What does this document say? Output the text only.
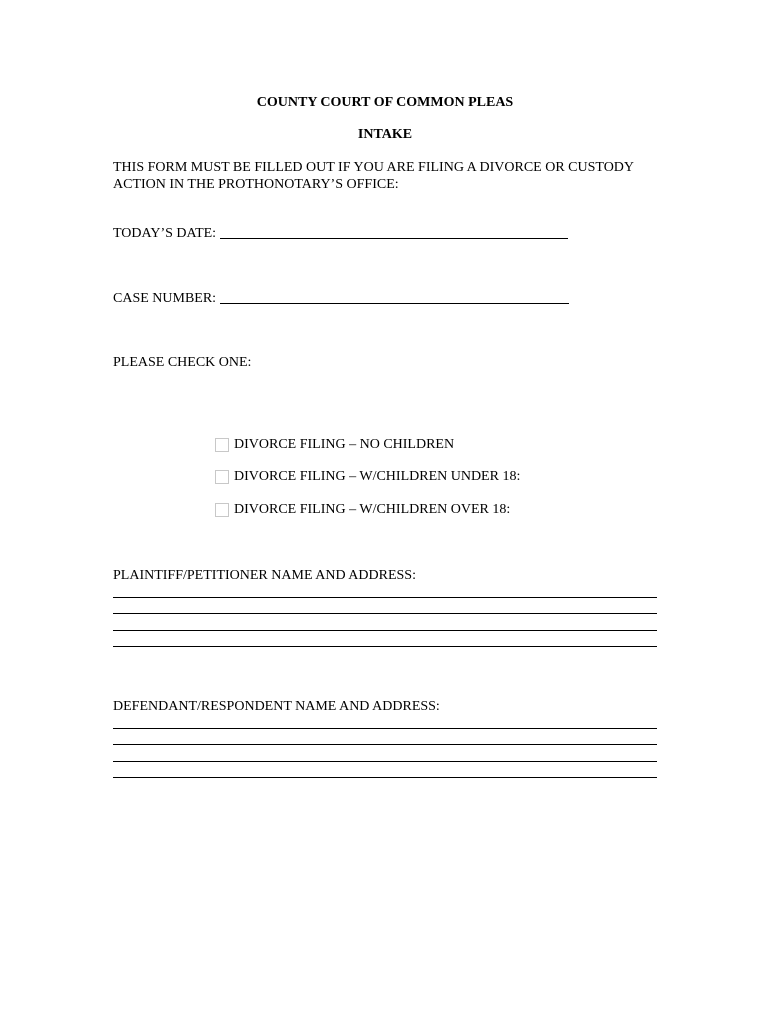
COUNTY COURT OF COMMON PLEAS
INTAKE
THIS FORM MUST BE FILLED OUT IF YOU ARE FILING A DIVORCE OR CUSTODY ACTION IN THE PROTHONOTARY’S OFFICE:
TODAY’S DATE:
CASE NUMBER:
PLEASE CHECK ONE:
DIVORCE FILING – NO CHILDREN
DIVORCE FILING – W/CHILDREN UNDER 18:
DIVORCE FILING – W/CHILDREN OVER 18:
PLAINTIFF/PETITIONER NAME AND ADDRESS:
DEFENDANT/RESPONDENT NAME AND ADDRESS:
